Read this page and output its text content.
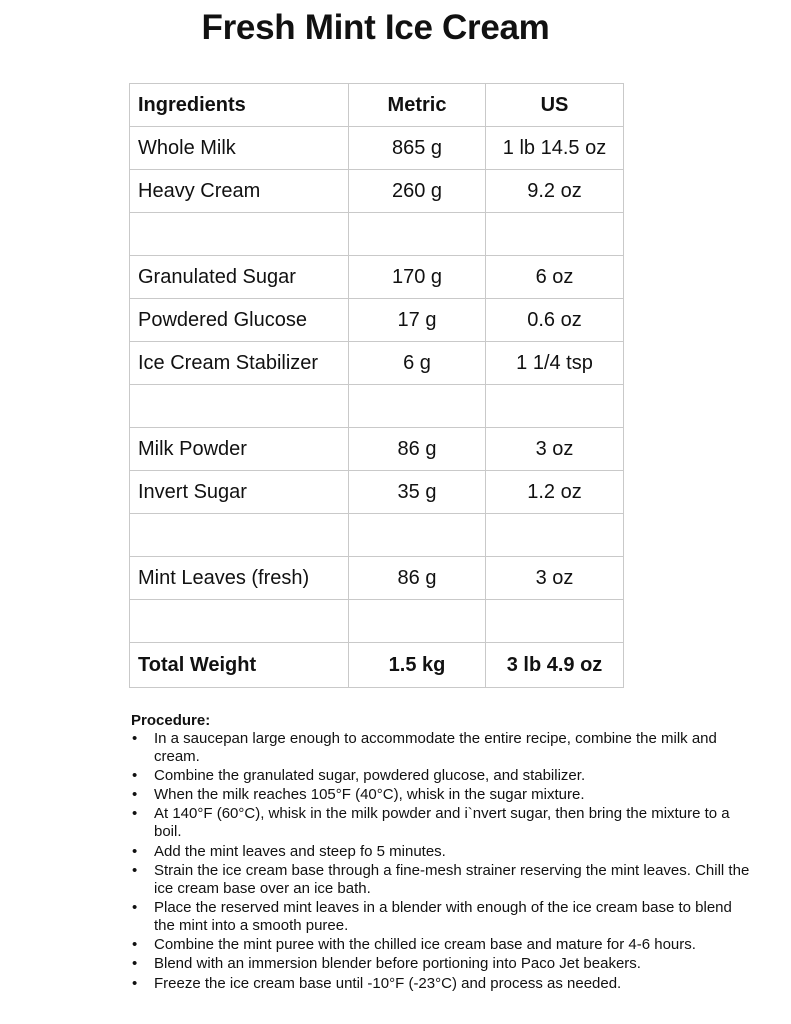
Fresh Mint Ice Cream
Ingredients	Metric	US
Whole Milk	865 g	1 lb 14.5 oz
Heavy Cream	260 g	9.2 oz

Granulated Sugar	170 g	6 oz
Powdered Glucose	17 g	0.6 oz
Ice Cream Stabilizer	6 g	1 1/4 tsp

Milk Powder	86 g	3 oz
Invert Sugar	35 g	1.2 oz

Mint Leaves (fresh)	86 g	3 oz

Total Weight	1.5 kg	3 lb 4.9 oz

Procedure:

• In a saucepan large enough to accommodate the entire recipe, combine the milk and cream.
• Combine the granulated sugar, powdered glucose, and stabilizer.
• When the milk reaches 105°F (40°C), whisk in the sugar mixture.
• At 140°F (60°C), whisk in the milk powder and i`nvert sugar, then bring the mixture to a boil.
• Add the mint leaves and steep fo 5 minutes.
• Strain the ice cream base through a fine-mesh strainer reserving the mint leaves. Chill the ice cream base over an ice bath.
• Place the reserved mint leaves in a blender with enough of the ice cream base to blend the mint into a smooth puree.
• Combine the mint puree with the chilled ice cream base and mature for 4-6 hours.
• Blend with an immersion blender before portioning into Paco Jet beakers.
• Freeze the ice cream base until -10°F (-23°C) and process as needed.
